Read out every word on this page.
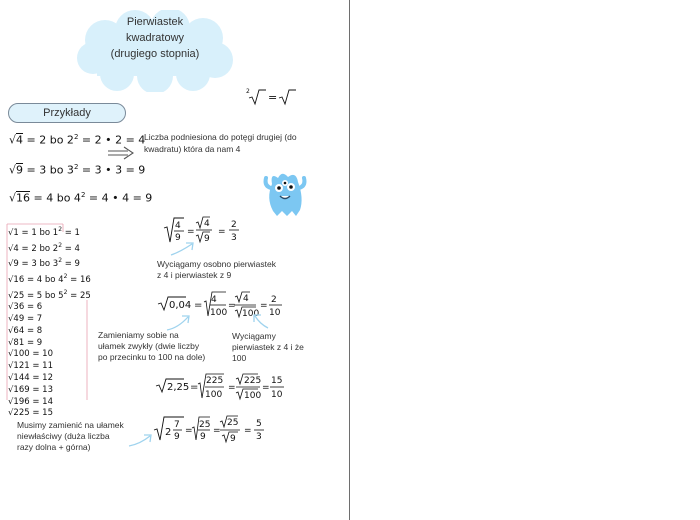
Pierwiastek
kwadratowy
(drugiego stopnia)
2 =
Przykłady
√4 = 2 bo $2^2 = 2$ • 2 = 4
√9 = 3 bo $3^2 = 3$ • 3 = 9
√16 = 4 bo $4^2 = 4$ • 4 = 9
Liczba podniesiona do potęgi drugiej (do
kwadratu) która da nam 4
√1 = 1 bo $1^2 = 1$
√4 = 2 bo $2^2 = 4$
√9 = 3 bo $3^2 = 9$
√16 = 4 bo $4^2 = 16$
√25 = 5 bo $5^2 = 25$
√36 = 6
√49 = 7
√64 = 8
√81 = 9
√100 = 10
√121 = 11
√144 = 12
√169 = 13
√196 = 14
√225 = 15
4
9
=
4
9
=
2
3
Wyciągamy osobno pierwiastek
z 4 i pierwiastek z 9
0,04 = 4
100
=
4
100
=
2
10
Zamieniamy sobie na
ułamek zwykły (dwie liczby
po przecinku to 100 na dole)
Wyciągamy
pierwiastek z 4 i że
100
2,25 =
225
100
=
225
100
=
15
10
2
7
9
=
25
9
=
25
9
=
5
3
Musimy zamienić na ułamek
niewłaściwy (duża liczba
razy dolna + górna)
